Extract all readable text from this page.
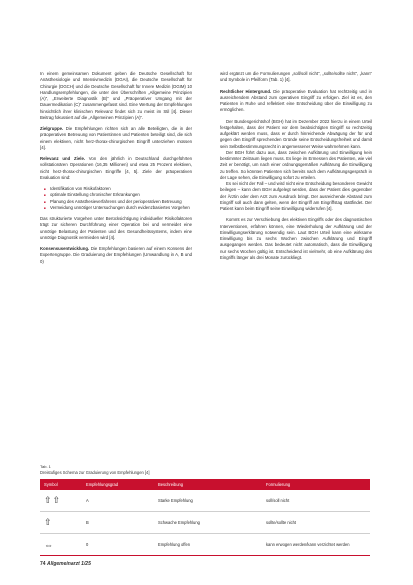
In einem gemeinsamen Dokument geben die Deutsche Gesellschaft für Anästhesiologie und Intensivmedizin (DGAI), die Deutsche Gesellschaft für Chirurgie (DGCH) und die Deutsche Gesellschaft für Innere Medizin (DGIM) 10 Handlungsempfehlungen, die unter den Überschriften „Allgemeine Prinzipien (A)“, „Erweiterte Diagnostik (B)“ und „Präoperativer Umgang mit der Dauermedikation (C)“ zusammengefasst sind. Eine Wertung der Empfehlungen hinsichtlich ihrer klinischen Relevanz findet sich zu meist im Stil [4]. Dieser Beitrag fokussiert auf die „Allgemeinen Prinzipien (A)“.

Zielgruppe. Die Empfehlungen richten sich an alle Beteiligten, die in der präoperativen Betreuung von Patientinnen und Patienten beteiligt sind, die sich einem elektiven, nicht herz-thorax-chirurgischen Eingriff unterziehen müssen [4].

Relevanz und Ziele. Von den jährlich in Deutschland durchgeführten vollstationären Operationen (16,35 Millionen) und etwa 25 Prozent elektiven, nicht herz-thorax-chirurgischen Eingriffe [4, 5]. Ziele der präoperativen Evaluation sind:

■ Identifikation von Risikofaktoren
■ optimale Einstellung chronischer Erkrankungen
■ Planung des Anästhesieverfahrens und der perioperativen Betreuung
■ Vermeidung unnötiger Untersuchungen durch evidenzbasiertes Vorgehen

Das strukturierte Vorgehen unter Berücksichtigung individueller Risikofaktoren trägt zur sicheren Durchführung einer Operation bei und vermeidet eine unnötige Belastung der Patienten und des Gesundheitssystems, indem eine unnötige Diagnostik vermieden wird [4].

Konsensusentwicklung. Die Empfehlungen basieren auf einem Konsens der Expertengruppe. Die Graduierung der Empfehlungen (Umwandlung in A, B und 0)

wird ergänzt um die Formulierungen „soll/soll nicht“, „sollte/sollte nicht“, „kann“ und Symbole in Pfeilform (Tab. 1) [4].

Rechtlicher Hintergrund. Die präoperative Evaluation hat rechtzeitig und in ausreichendem Abstand zum operativen Eingriff zu erfolgen. Ziel ist es, den Patienten in Ruhe und reflektiert eine Entscheidung über die Einwilligung zu ermöglichen.

Der Bundesgerichtshof (BGH) hat im Dezember 2022 hierzu in einem Urteil festgehalten, dass der Patient vor dem beabsichtigten Eingriff so rechtzeitig aufgeklärt werden muss, dass er durch hinreichende Abwägung der für und gegen den Eingriff sprechenden Gründe seine Entscheidungsfreiheit und damit sein Selbstbestimmungsrecht in angemessener Weise wahrnehmen kann.

Der BGH führt dazu aus, dass zwischen Aufklärung und Einwilligung kein bestimmter Zeitraum liegen muss. Es liege im Ermessen des Patienten, wie viel Zeit er benötigt, um nach einer ordnungsgemäßen Aufklärung die Einwilligung zu treffen. So könnten Patienten sich bereits nach dem Aufklärungsgespräch in der Lage sehen, die Einwilligung sofort zu erteilen.

Es sei nicht der Fall – und wird nicht eine Entscheidung besonderen Gewicht beilegen – kann dem BGH aufgelegt werden, dass der Patient dies gegenüber der Ärztin oder dem Arzt zum Ausdruck bringt. Der ausreichende Abstand zum Eingriff soll auch dann gelten, wenn der Eingriff am Eingriffstag stattfindet. Der Patient kann beim Eingriff seine Einwilligung widerrufen [4].

Kommt es zur Verschiebung des elektiven Eingriffs oder des diagnostischen Interventionen, erfahren können, eine Wiederholung der Aufklärung und der Einwilligungserklärung notwendig sein. Laut BGH Urteil kann eine wirksame Einwilligung bis zu sechs Wochen zwischen Aufklärung und Eingriff ausgegangen werden. Das bedeutet nicht automatisch, dass die Einwilligung nur sechs Wochen gültig ist. Entscheidend ist vielmehr, ob eine Aufklärung des Eingriffs länger als drei Monate zurückliegt.

Tab. 1
Dreistufiges Schema zur Graduierung von Empfehlungen [4]
Symbol	Empfehlungsgrad	Beschreibung	Formulierung
⇧⇧	A	Starke Empfehlung	soll/soll nicht
⇧	B	Schwache Empfehlung	sollte/sollte nicht
⇔	0	Empfehlung offen	kann erwogen werden/kann verzichtet werden
74 Allgemeinarzt 1/25
